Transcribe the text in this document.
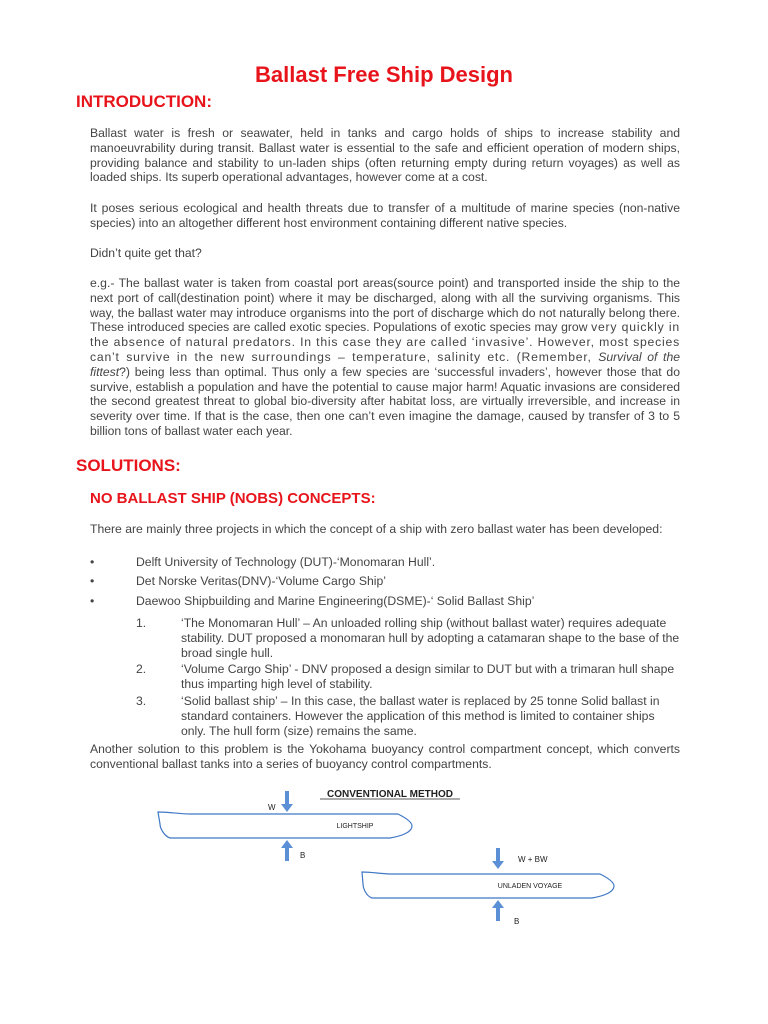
Ballast Free Ship Design
INTRODUCTION:

Ballast water is fresh or seawater, held in tanks and cargo holds of ships to increase stability and manoeuvrability during transit. Ballast water is essential to the safe and efficient operation of modern ships, providing balance and stability to un-laden ships (often returning empty during return voyages) as well as loaded ships. Its superb operational advantages, however come at a cost.

It poses serious ecological and health threats due to transfer of a multitude of marine species (non-native species) into an altogether different host environment containing different native species.

Didn’t quite get that?

e.g.- The ballast water is taken from coastal port areas(source point) and transported inside the ship to the next port of call(destination point) where it may be discharged, along with all the surviving organisms. This way, the ballast water may introduce organisms into the port of discharge which do not naturally belong there. These introduced species are called exotic species. Populations of exotic species may grow very quickly in the absence of natural predators. In this case they are called ‘invasive’. However, most species can’t survive in the new surroundings – temperature, salinity etc. (Remember, Survival of the fittest?) being less than optimal. Thus only a few species are ‘successful invaders’, however those that do survive, establish a population and have the potential to cause major harm! Aquatic invasions are considered the second greatest threat to global bio-diversity after habitat loss, are virtually irreversible, and increase in severity over time. If that is the case, then one can’t even imagine the damage, caused by transfer of 3 to 5 billion tons of ballast water each year.

SOLUTIONS:
NO BALLAST SHIP (NOBS) CONCEPTS:

There are mainly three projects in which the concept of a ship with zero ballast water has been developed:

•	Delft University of Technology (DUT)-‘Monomaran Hull’.
•	Det Norske Veritas(DNV)-‘Volume Cargo Ship’
•	Daewoo Shipbuilding and Marine Engineering(DSME)-‘ Solid Ballast Ship’
1.	‘The Monomaran Hull’ – An unloaded rolling ship (without ballast water) requires adequate stability. DUT proposed a monomaran hull by adopting a catamaran shape to the base of the broad single hull.
2.	‘Volume Cargo Ship’ - DNV proposed a design similar to DUT but with a trimaran hull shape thus imparting high level of stability.
3.	‘Solid ballast ship’ – In this case, the ballast water is replaced by 25 tonne Solid ballast in standard containers. However the application of this method is limited to container ships only. The hull form (size) remains the same.

Another solution to this problem is the Yokohama buoyancy control compartment concept, which converts conventional ballast tanks into a series of buoyancy control compartments.

CONVENTIONAL METHOD
LIGHTSHIP
W
B
UNLADEN VOYAGE
W + BW
B
